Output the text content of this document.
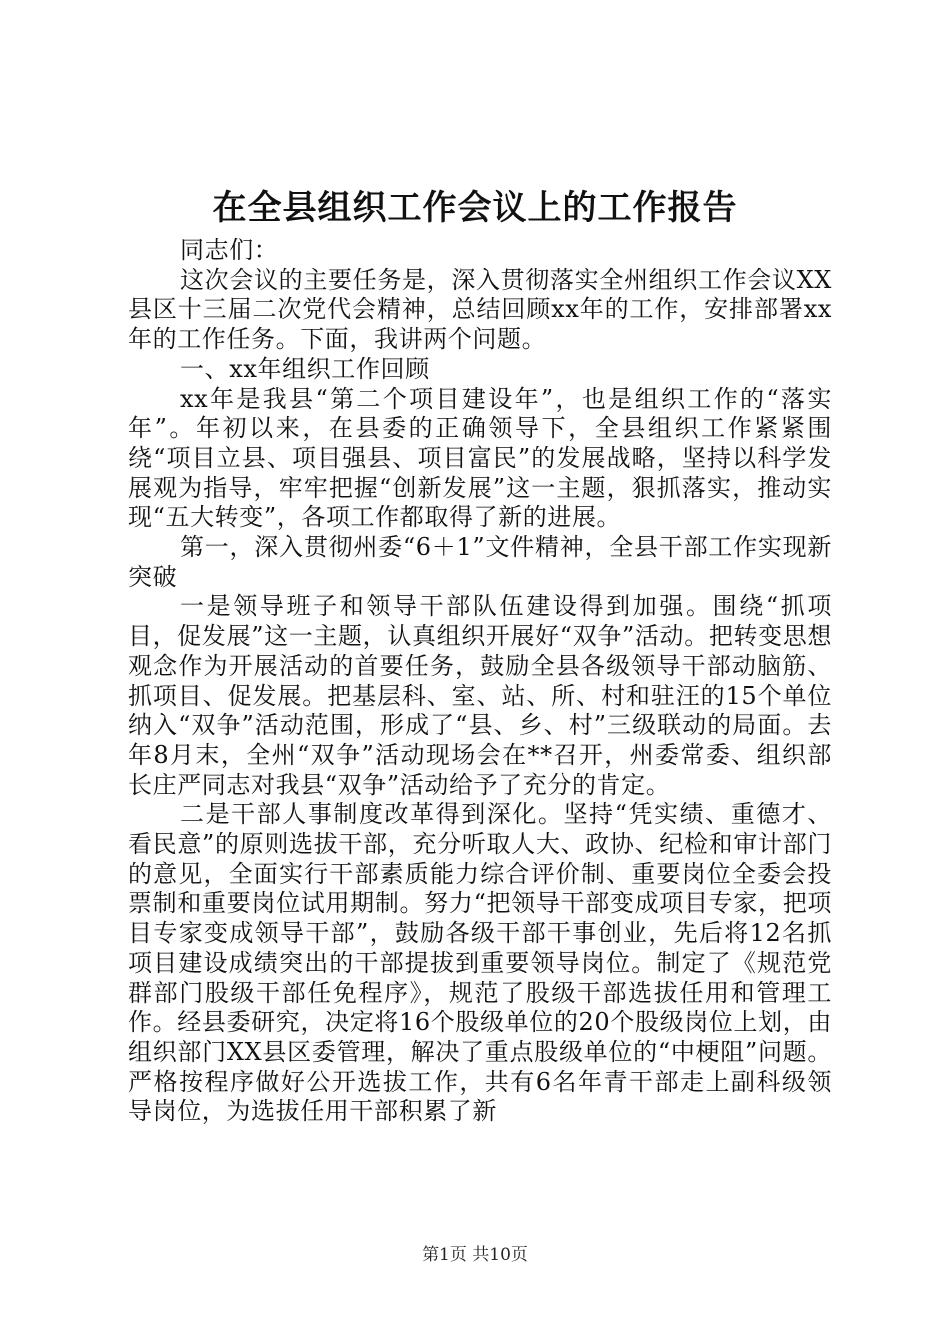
在全县组织工作会议上的工作报告

同志们：

这次会议的主要任务是，深入贯彻落实全州组织工作会议XX县区十三届二次党代会精神，总结回顾xx年的工作，安排部署xx年的工作任务。下面，我讲两个问题。

一、xx年组织工作回顾

xx年是我县“第二个项目建设年”，也是组织工作的“落实年”。年初以来，在县委的正确领导下，全县组织工作紧紧围绕“项目立县、项目强县、项目富民”的发展战略，坚持以科学发展观为指导，牢牢把握“创新发展”这一主题，狠抓落实，推动实现“五大转变”，各项工作都取得了新的进展。

第一，深入贯彻州委“6＋1”文件精神，全县干部工作实现新突破

一是领导班子和领导干部队伍建设得到加强。围绕“抓项目，促发展”这一主题，认真组织开展好“双争”活动。把转变思想观念作为开展活动的首要任务，鼓励全县各级领导干部动脑筋、抓项目、促发展。把基层科、室、站、所、村和驻汪的15个单位纳入“双争”活动范围，形成了“县、乡、村”三级联动的局面。去年8月末，全州“双争”活动现场会在**召开，州委常委、组织部长庄严同志对我县“双争”活动给予了充分的肯定。

二是干部人事制度改革得到深化。坚持“凭实绩、重德才、看民意”的原则选拔干部，充分听取人大、政协、纪检和审计部门的意见，全面实行干部素质能力综合评价制、重要岗位全委会投票制和重要岗位试用期制。努力“把领导干部变成项目专家，把项目专家变成领导干部”，鼓励各级干部干事创业，先后将12名抓项目建设成绩突出的干部提拔到重要领导岗位。制定了《规范党群部门股级干部任免程序》，规范了股级干部选拔任用和管理工作。经县委研究，决定将16个股级单位的20个股级岗位上划，由组织部门XX县区委管理，解决了重点股级单位的“中梗阻”问题。严格按程序做好公开选拔工作，共有6名年青干部走上副科级领导岗位，为选拔任用干部积累了新

第1页 共10页
